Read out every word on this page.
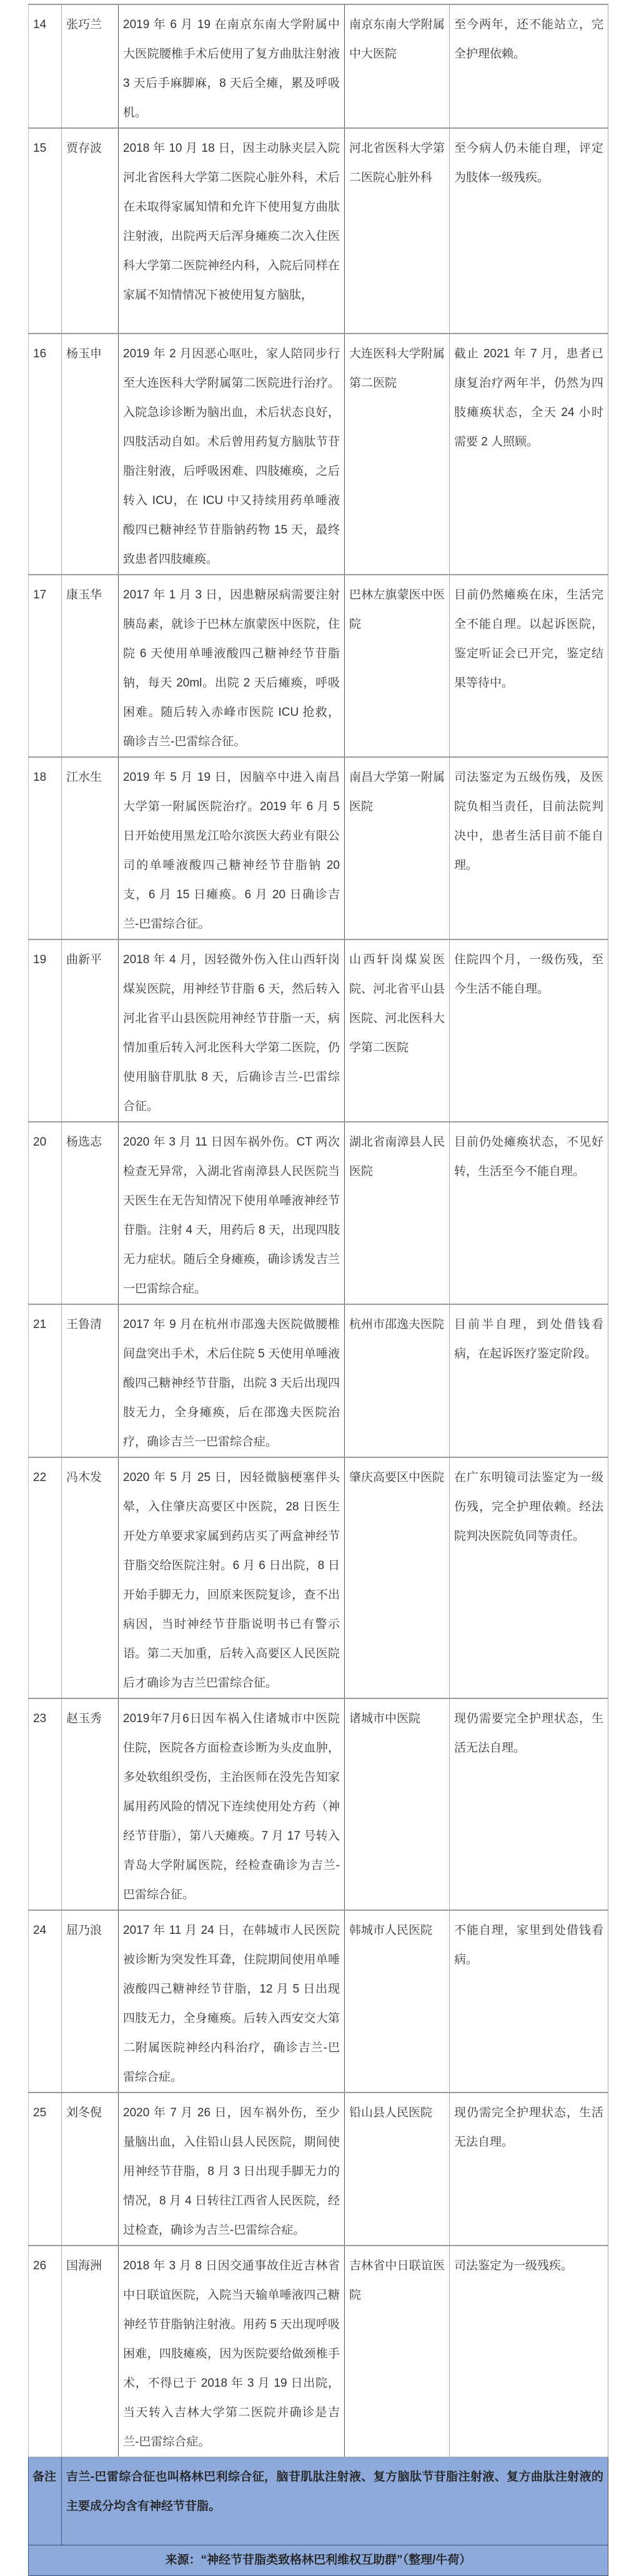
14	张巧兰	2019 年 6 月 19 在南京东南大学附属中大医院腰椎手术后使用了复方曲肽注射液 3 天后手麻脚麻，8 天后全瘫，累及呼吸机。	南京东南大学附属中大医院	至今两年，还不能站立，完全护理依赖。
15	贾存波	2018 年 10 月 18 日，因主动脉夹层入院河北省医科大学第二医院心脏外科，术后在未取得家属知情和允许下使用复方曲肽注射液，出院两天后浑身瘫痪二次入住医科大学第二医院神经内科，入院后同样在家属不知情情况下被使用复方脑肽，	河北省医科大学第二医院心脏外科	至今病人仍未能自理，评定为肢体一级残疾。
16	杨玉申	2019 年 2 月因恶心呕吐，家人陪同步行至大连医科大学附属第二医院进行治疗。入院急诊诊断为脑出血，术后状态良好，四肢活动自如。术后曾用药复方脑肽节苷脂注射液，后呼吸困难、四肢瘫痪，之后转入 ICU，在 ICU 中又持续用药单唾液酸四已糖神经节苷脂钠药物 15 天，最终致患者四肢瘫痪。	大连医科大学附属第二医院	截止 2021 年 7 月，患者已康复治疗两年半，仍然为四肢瘫痪状态，全天 24 小时需要 2 人照顾。
17	康玉华	2017 年 1 月 3 日，因患糖尿病需要注射胰岛素，就诊于巴林左旗蒙医中医院，住院 6 天使用单唾液酸四己糖神经节苷脂钠，每天 20ml。出院 2 天后瘫痪，呼吸困难。随后转入赤峰市医院 ICU 抢救，确诊吉兰-巴雷综合征。	巴林左旗蒙医中医院	目前仍然瘫痪在床，生活完全不能自理。以起诉医院，鉴定听证会已开完，鉴定结果等待中。
18	江水生	2019 年 5 月 19 日，因脑卒中进入南昌大学第一附属医院治疗。2019 年 6 月 5 日开始使用黑龙江哈尔滨医大药业有限公司的单唾液酸四己糖神经节苷脂钠 20 支，6 月 15 日瘫痪。6 月 20 日确诊吉兰-巴雷综合征。	南昌大学第一附属医院	司法鉴定为五级伤残，及医院负相当责任，目前法院判决中，患者生活目前不能自理。
19	曲新平	2018 年 4 月，因轻微外伤入住山西轩岗煤炭医院，用神经节苷脂 6 天，然后转入河北省平山县医院用神经节苷脂一天，病情加重后转入河北医科大学第二医院，仍使用脑苷肌肽 8 天，后确诊吉兰-巴雷综合征。	山西轩岗煤炭医院、河北省平山县医院、河北医科大学第二医院	住院四个月，一级伤残，至今生活不能自理。
20	杨选志	2020 年 3 月 11 日因车祸外伤。CT 两次检查无异常，入湖北省南漳县人民医院当天医生在无告知情况下使用单唾液神经节苷脂。注射 4 天，用药后 8 天，出现四肢无力症状。随后全身瘫痪，确诊诱发吉兰一巴雷综合症。	湖北省南漳县人民医院	目前仍处瘫痪状态，不见好转，生活至今不能自理。
21	王鲁清	2017 年 9 月在杭州市邵逸夫医院做腰椎间盘突出手术，术后住院 5 天使用单唾液酸四己糖神经节苷脂，出院 3 天后出现四肢无力，全身瘫痪，后在邵逸夫医院治疗，确诊吉兰一巴雷综合症。	杭州市邵逸夫医院	目前半自理，到处借钱看病，在起诉医疗鉴定阶段。
22	冯木发	2020 年 5 月 25 日，因轻微脑梗塞伴头晕，入住肇庆高要区中医院，28 日医生开处方单要求家属到药店买了两盒神经节苷脂交给医院注射。6 月 6 日出院，8 日开始手脚无力，回原来医院复诊，查不出病因，当时神经节苷脂说明书已有警示语。第二天加重，后转入高要区人民医院后才确诊为吉兰巴雷综合征。	肇庆高要区中医院	在广东明镜司法鉴定为一级伤残，完全护理依赖。经法院判决医院负同等责任。
23	赵玉秀	2019年7月6日因车祸入住诸城市中医院住院，医院各方面检查诊断为头皮血肿，多处软组织受伤，主治医师在没先告知家属用药风险的情况下连续使用处方药（神经节苷脂），第八天瘫痪。7 月 17 号转入青岛大学附属医院，经检查确诊为吉兰-巴雷综合征。	诸城市中医院	现仍需要完全护理状态，生活无法自理。
24	屈乃浪	2017 年 11 月 24 日，在韩城市人民医院被诊断为突发性耳聋，住院期间使用单唾液酸四己糖神经节苷脂，12 月 5 日出现四肢无力，全身瘫痪。后转入西安交大第二附属医院神经内科治疗，确诊吉兰-巴雷综合症。	韩城市人民医院	不能自理，家里到处借钱看病。
25	刘冬倪	2020 年 7 月 26 日，因车祸外伤，至少量脑出血，入住铅山县人民医院，期间使用神经节苷脂，8 月 3 日出现手脚无力的情况，8 月 4 日转往江西省人民医院，经过检查，确诊为吉兰-巴雷综合症。	铅山县人民医院	现仍需完全护理状态，生活无法自理。
26	国海洲	2018 年 3 月 8 日因交通事故住近吉林省中日联谊医院，入院当天输单唾液四己糖神经节苷脂钠注射液。用药 5 天出现呼吸困难，四肢瘫痪，因为医院要给做颈椎手术，不得已于 2018 年 3 月 19 日出院，当天转入吉林大学第二医院并确诊是吉兰-巴雷综合症。	吉林省中日联谊医院	司法鉴定为一级残疾。
备注	吉兰-巴雷综合征也叫格林巴利综合征，脑苷肌肽注射液、复方脑肽节苷脂注射液、复方曲肽注射液的主要成分均含有神经节苷脂。			
来源：“神经节苷脂类致格林巴利维权互助群”（整理/牛荷）				
